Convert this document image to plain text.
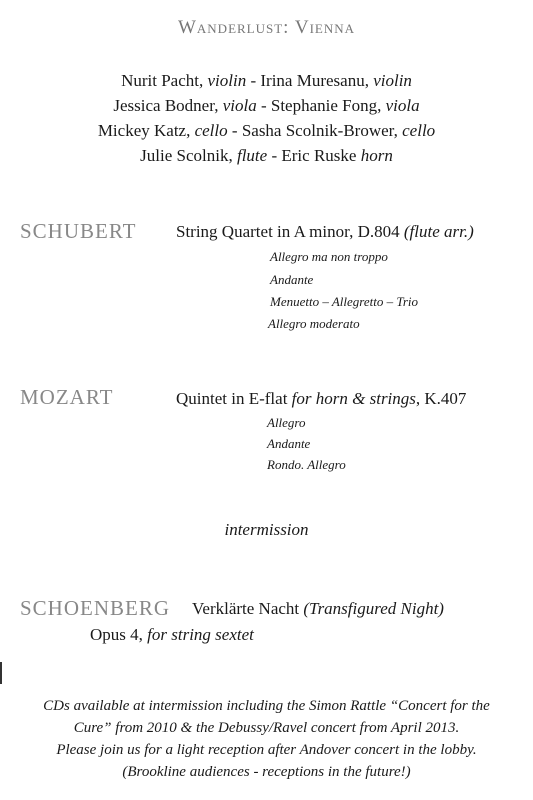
Wanderlust: Vienna
Nurit Pacht, violin - Irina Muresanu, violin
Jessica Bodner, viola - Stephanie Fong, viola
Mickey Katz, cello - Sasha Scolnik-Brower, cello
Julie Scolnik, flute - Eric Ruske horn
SCHUBERT String Quartet in A minor, D.804 (flute arr.)
Allegro ma non troppo
Andante
Menuetto – Allegretto – Trio
Allegro moderato
MOZART	Quintet in E-flat for horn & strings, K.407
Allegro
Andante
Rondo. Allegro
intermission
SCHOENBERG Verklärte Nacht (Transfigured Night)
Opus 4, for string sextet
CDs available at intermission including the Simon Rattle “Concert for the
Cure” from 2010 & the Debussy/Ravel concert from April 2013.
Please join us for a light reception after Andover concert in the lobby.
(Brookline audiences - receptions in the future!)
